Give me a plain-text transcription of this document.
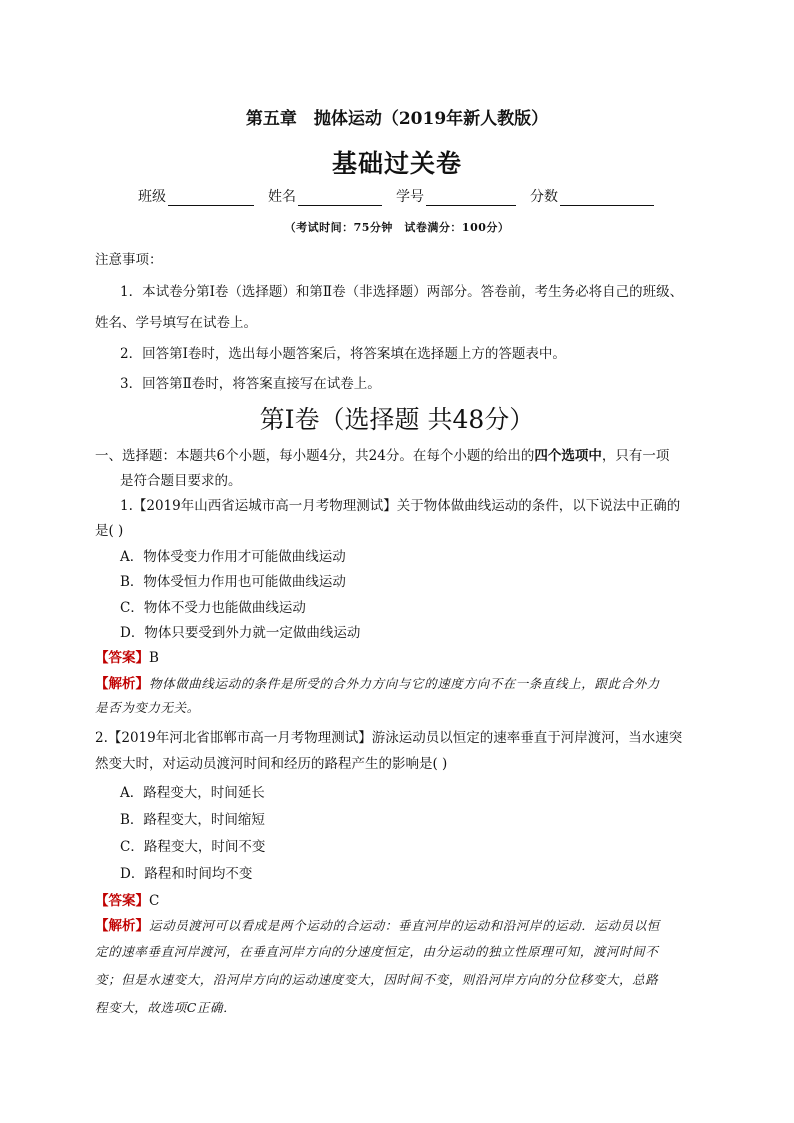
第五章　抛体运动（2019年新人教版）
基础过关卷
班级	姓名	学号	分数
（考试时间：75分钟　试卷满分：100分）
注意事项：
1．本试卷分第Ⅰ卷（选择题）和第Ⅱ卷（非选择题）两部分。答卷前，考生务必将自己的班级、
姓名、学号填写在试卷上。
2．回答第Ⅰ卷时，选出每小题答案后，将答案填在选择题上方的答题表中。
3．回答第Ⅱ卷时，将答案直接写在试卷上。
第Ⅰ卷（选择题 共48分）
一、选择题：本题共6个小题，每小题4分，共24分。在每个小题的给出的四个选项中，只有一项
是符合题目要求的。
1.【2019年山西省运城市高一月考物理测试】关于物体做曲线运动的条件，以下说法中正确的
是( )
A．物体受变力作用才可能做曲线运动
B．物体受恒力作用也可能做曲线运动
C．物体不受力也能做曲线运动
D．物体只要受到外力就一定做曲线运动
【答案】B
【解析】物体做曲线运动的条件是所受的合外力方向与它的速度方向不在一条直线上，跟此合外力
是否为变力无关。
2.【2019年河北省邯郸市高一月考物理测试】游泳运动员以恒定的速率垂直于河岸渡河，当水速突
然变大时，对运动员渡河时间和经历的路程产生的影响是( )
A．路程变大，时间延长
B．路程变大，时间缩短
C．路程变大，时间不变
D．路程和时间均不变
【答案】C
【解析】运动员渡河可以看成是两个运动的合运动：垂直河岸的运动和沿河岸的运动．运动员以恒
定的速率垂直河岸渡河，在垂直河岸方向的分速度恒定，由分运动的独立性原理可知，渡河时间不
变；但是水速变大，沿河岸方向的运动速度变大，因时间不变，则沿河岸方向的分位移变大，总路
程变大，故选项C正确．
